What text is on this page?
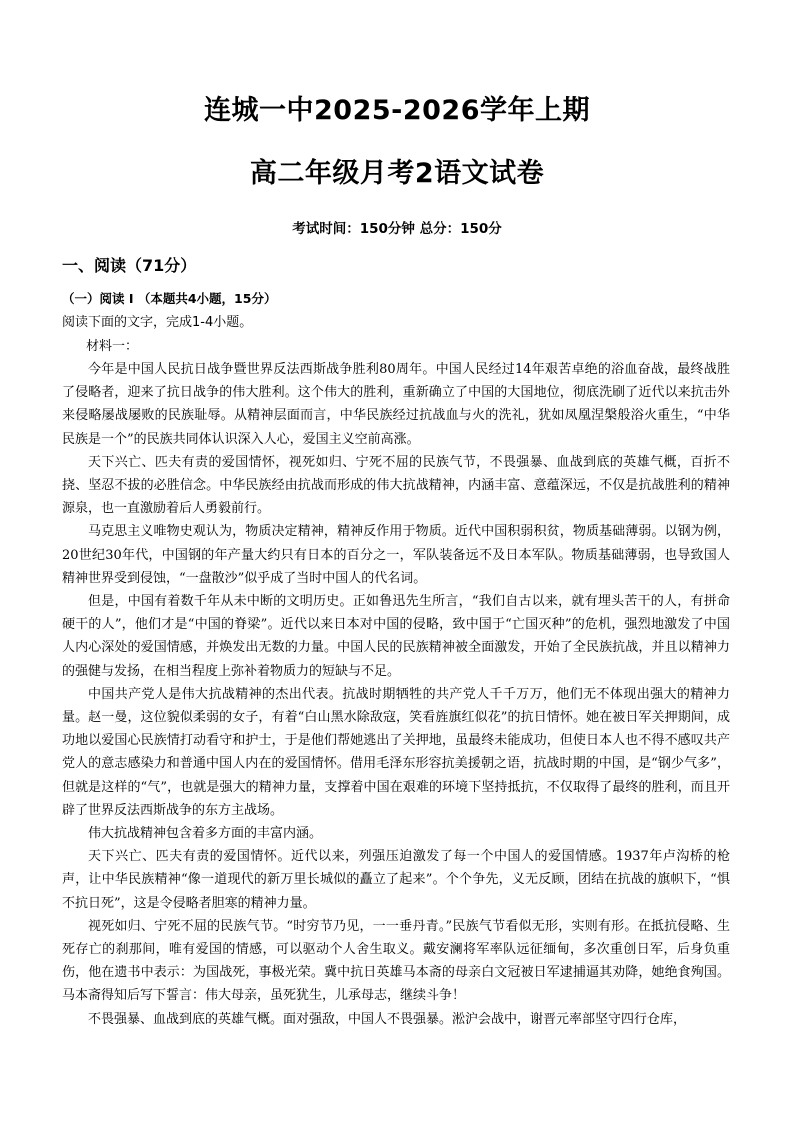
连城一中2025-2026学年上期
高二年级月考2语文试卷
考试时间：150分钟 总分：150分
一、阅读（71分）
（一）阅读 I （本题共4小题，15分）
阅读下面的文字，完成1-4小题。
材料一：

今年是中国人民抗日战争暨世界反法西斯战争胜利80周年。中国人民经过14年艰苦卓绝的浴血奋战，最终战胜了侵略者，迎来了抗日战争的伟大胜利。这个伟大的胜利，重新确立了中国的大国地位，彻底洗刷了近代以来抗击外来侵略屡战屡败的民族耻辱。从精神层面而言，中华民族经过抗战血与火的洗礼，犹如凤凰涅槃般浴火重生，“中华民族是一个”的民族共同体认识深入人心，爱国主义空前高涨。

天下兴亡、匹夫有责的爱国情怀，视死如归、宁死不屈的民族气节，不畏强暴、血战到底的英雄气概，百折不挠、坚忍不拔的必胜信念。中华民族经由抗战而形成的伟大抗战精神，内涵丰富、意蕴深远，不仅是抗战胜利的精神源泉，也一直激励着后人勇毅前行。

马克思主义唯物史观认为，物质决定精神，精神反作用于物质。近代中国积弱积贫，物质基础薄弱。以钢为例，20世纪30年代，中国钢的年产量大约只有日本的百分之一，军队装备远不及日本军队。物质基础薄弱，也导致国人精神世界受到侵蚀，“一盘散沙”似乎成了当时中国人的代名词。

但是，中国有着数千年从未中断的文明历史。正如鲁迅先生所言，“我们自古以来，就有埋头苦干的人，有拼命硬干的人”，他们才是“中国的脊梁”。近代以来日本对中国的侵略，致中国于“亡国灭种”的危机，强烈地激发了中国人内心深处的爱国情感，并焕发出无数的力量。中国人民的民族精神被全面激发，开始了全民族抗战，并且以精神力的强健与发扬，在相当程度上弥补着物质力的短缺与不足。

中国共产党人是伟大抗战精神的杰出代表。抗战时期牺牲的共产党人千千万万，他们无不体现出强大的精神力量。赵一曼，这位貌似柔弱的女子，有着“白山黑水除敌寇，笑看旌旗红似花”的抗日情怀。她在被日军关押期间，成功地以爱国心民族情打动看守和护士，于是他们帮她逃出了关押地，虽最终未能成功，但使日本人也不得不感叹共产党人的意志感染力和普通中国人内在的爱国情怀。借用毛泽东形容抗美援朝之语，抗战时期的中国，是“钢少气多”，但就是这样的“气”，也就是强大的精神力量，支撑着中国在艰难的环境下坚持抵抗，不仅取得了最终的胜利，而且开辟了世界反法西斯战争的东方主战场。

伟大抗战精神包含着多方面的丰富内涵。

天下兴亡、匹夫有责的爱国情怀。近代以来，列强压迫激发了每一个中国人的爱国情感。1937年卢沟桥的枪声，让中华民族精神“像一道现代的新万里长城似的矗立了起来”。个个争先，义无反顾，团结在抗战的旗帜下，“惧不抗日死”，这是令侵略者胆寒的精神力量。

视死如归、宁死不屈的民族气节。“时穷节乃见，一一垂丹青。”民族气节看似无形，实则有形。在抵抗侵略、生死存亡的刹那间，唯有爱国的情感，可以驱动个人舍生取义。戴安澜将军率队远征缅甸，多次重创日军，后身负重伤，他在遗书中表示：为国战死，事极光荣。冀中抗日英雄马本斋的母亲白文冠被日军逮捕逼其劝降，她绝食殉国。马本斋得知后写下誓言：伟大母亲，虽死犹生，儿承母志，继续斗争！

不畏强暴、血战到底的英雄气概。面对强敌，中国人不畏强暴。淞沪会战中，谢晋元率部坚守四行仓库，
